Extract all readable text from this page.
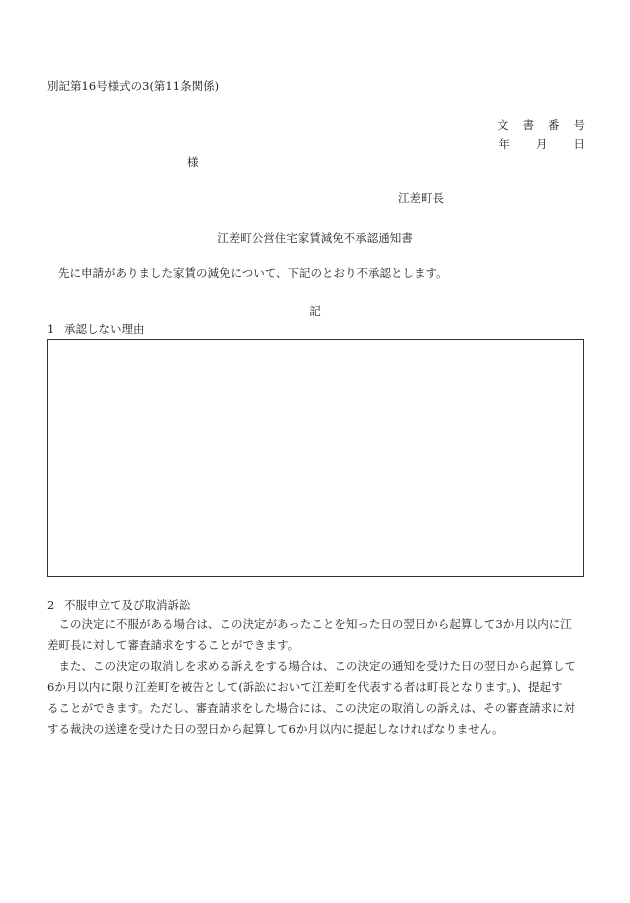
別記第16号様式の3(第11条関係)
文 書 番 号
年 月 日
様
江差町長
江差町公営住宅家賃減免不承認通知書
先に申請がありました家賃の減免について、下記のとおり不承認とします。
記
1 承認しない理由
2 不服申立て及び取消訴訟
この決定に不服がある場合は、この決定があったことを知った日の翌日から起算して3か月以内に江
差町長に対して審査請求をすることができます。
また、この決定の取消しを求める訴えをする場合は、この決定の通知を受けた日の翌日から起算して
6か月以内に限り江差町を被告として(訴訟において江差町を代表する者は町長となります。)、提起す
ることができます。ただし、審査請求をした場合には、この決定の取消しの訴えは、その審査請求に対
する裁決の送達を受けた日の翌日から起算して6か月以内に提起しなければなりません。
